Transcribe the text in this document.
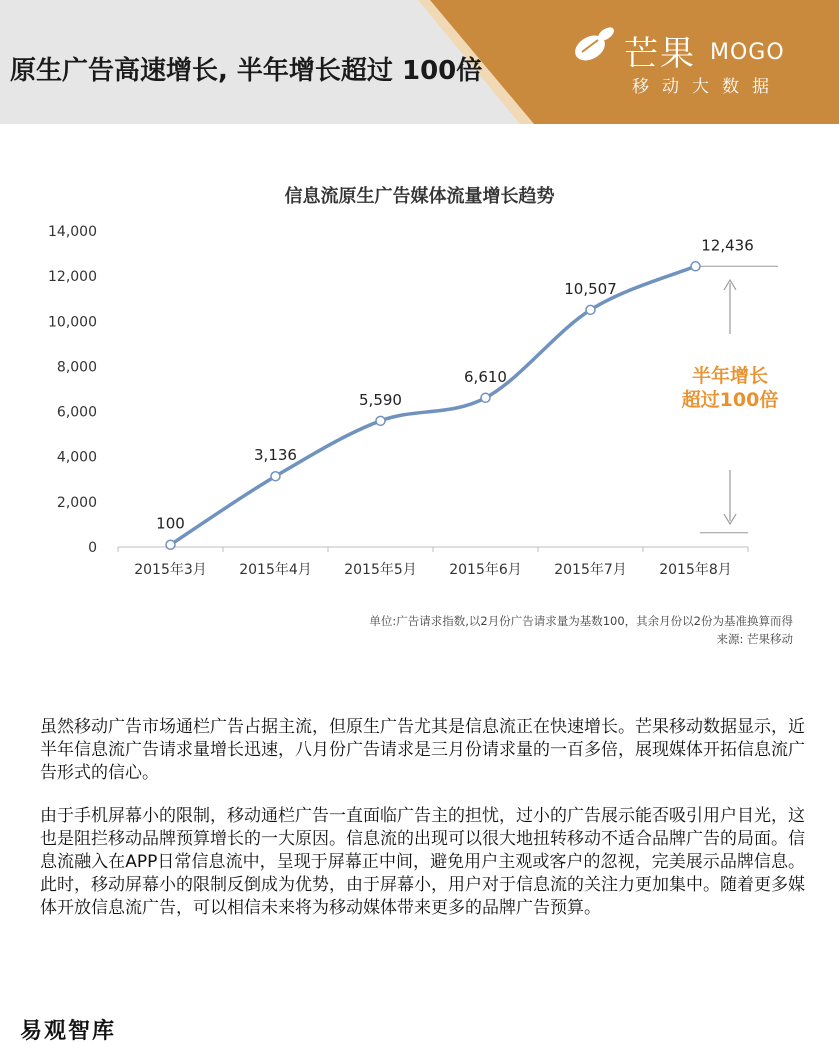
原生广告高速增长, 半年增长超过 100倍	芒果 MOGO
移动大数据
信息流原生广告媒体流量增长趋势
0
2,000
4,000
6,000
8,000
10,000
12,000
14,000
2015年3月 2015年4月 2015年5月 2015年6月 2015年7月 2015年8月
半年增长
超过100倍
100
3,136
5,590
6,610
10,507
12,436
单位:广告请求指数,以2月份广告请求量为基数100，其余月份以2份为基准换算而得
来源: 芒果移动
虽然移动广告市场通栏广告占据主流，但原生广告尤其是信息流正在快速增长。芒果移动数据显示，近半年信息流广告请求量增长迅速，八月份广告请求是三月份请求量的一百多倍，展现媒体开拓信息流广告形式的信心。
由于手机屏幕小的限制，移动通栏广告一直面临广告主的担忧，过小的广告展示能否吸引用户目光，这也是阻拦移动品牌预算增长的一大原因。信息流的出现可以很大地扭转移动不适合品牌广告的局面。信息流融入在APP日常信息流中，呈现于屏幕正中间，避免用户主观或客户的忽视，完美展示品牌信息。此时，移动屏幕小的限制反倒成为优势，由于屏幕小，用户对于信息流的关注力更加集中。随着更多媒体开放信息流广告，可以相信未来将为移动媒体带来更多的品牌广告预算。
易观智库
